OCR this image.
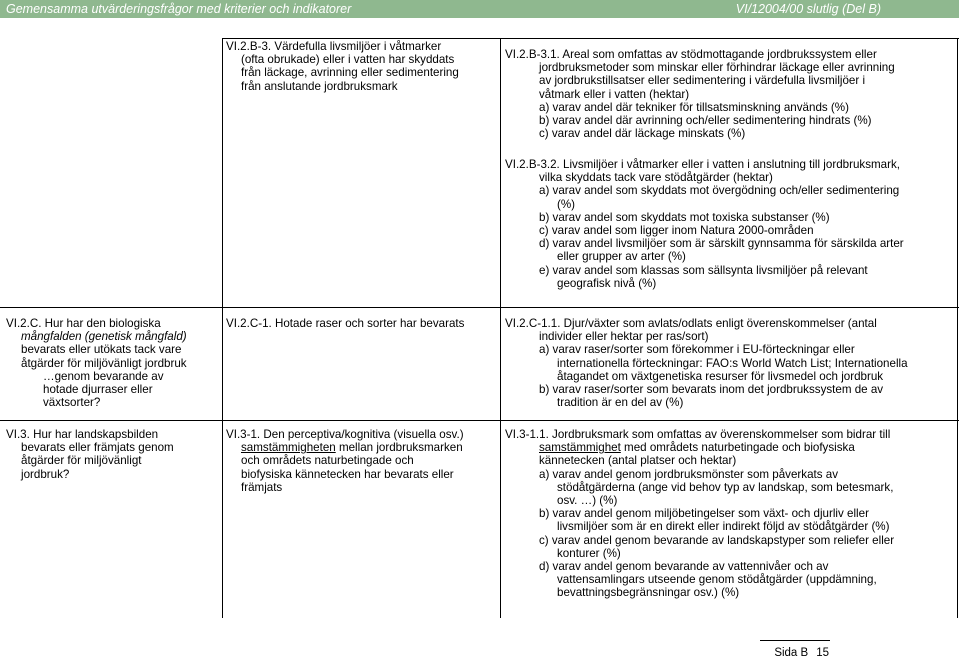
Gemensamma utvärderingsfrågor med kriterier och indikatorer	VI/12004/00 slutlig (Del B)

VI.2.B-3. Värdefulla livsmiljöer i våtmarker

(ofta obrukade) eller i vatten har skyddats

från läckage, avrinning eller sedimentering

från anslutande jordbruksmark

VI.2.B-3.1. Areal som omfattas av stödmottagande jordbrukssystem eller

jordbruksmetoder som minskar eller förhindrar läckage eller avrinning

av jordbrukstillsatser eller sedimentering i värdefulla livsmiljöer i

våtmark eller i vatten (hektar)

a) varav andel där tekniker för tillsatsminskning används (%)

b) varav andel där avrinning och/eller sedimentering hindrats (%)

c) varav andel där läckage minskats (%)

VI.2.B-3.2. Livsmiljöer i våtmarker eller i vatten i anslutning till jordbruksmark,

vilka skyddats tack vare stödåtgärder (hektar)

a) varav andel som skyddats mot övergödning och/eller sedimentering

(%)

b) varav andel som skyddats mot toxiska substanser (%)

c) varav andel som ligger inom Natura 2000-områden

d) varav andel livsmiljöer som är särskilt gynnsamma för särskilda arter

eller grupper av arter (%)

e) varav andel som klassas som sällsynta livsmiljöer på relevant

geografisk nivå (%)

VI.2.C. Hur har den biologiska

mångfalden (genetisk mångfald)

bevarats eller utökats tack vare

åtgärder för miljövänligt jordbruk

…genom bevarande av

hotade djurraser eller

växtsorter?

VI.2.C-1. Hotade raser och sorter har bevarats	VI.2.C-1.1. Djur/växter som avlats/odlats enligt överenskommelser (antal

individer eller hektar per ras/sort)

a) varav raser/sorter som förekommer i EU-förteckningar eller

internationella förteckningar: FAO:s World Watch List; Internationella

åtagandet om växtgenetiska resurser för livsmedel och jordbruk

b) varav raser/sorter som bevarats inom det jordbrukssystem de av

tradition är en del av (%)

VI.3. Hur har landskapsbilden

bevarats eller främjats genom

åtgärder för miljövänligt

jordbruk?

VI.3-1. Den perceptiva/kognitiva (visuella osv.)

samstämmigheten mellan jordbruksmarken

och områdets naturbetingade och

biofysiska kännetecken har bevarats eller

främjats

VI.3-1.1. Jordbruksmark som omfattas av överenskommelser som bidrar till

samstämmighet med områdets naturbetingade och biofysiska

kännetecken (antal platser och hektar)

a) varav andel genom jordbruksmönster som påverkats av

stödåtgärderna (ange vid behov typ av landskap, som betesmark,

osv. …) (%)

b) varav andel genom miljöbetingelser som växt- och djurliv eller

livsmiljöer som är en direkt eller indirekt följd av stödåtgärder (%)

c) varav andel genom bevarande av landskapstyper som reliefer eller

konturer (%)

d) varav andel genom bevarande av vattennivåer och av

vattensamlingars utseende genom stödåtgärder (uppdämning,

bevattningsbegränsningar osv.) (%)

Sida B 15
